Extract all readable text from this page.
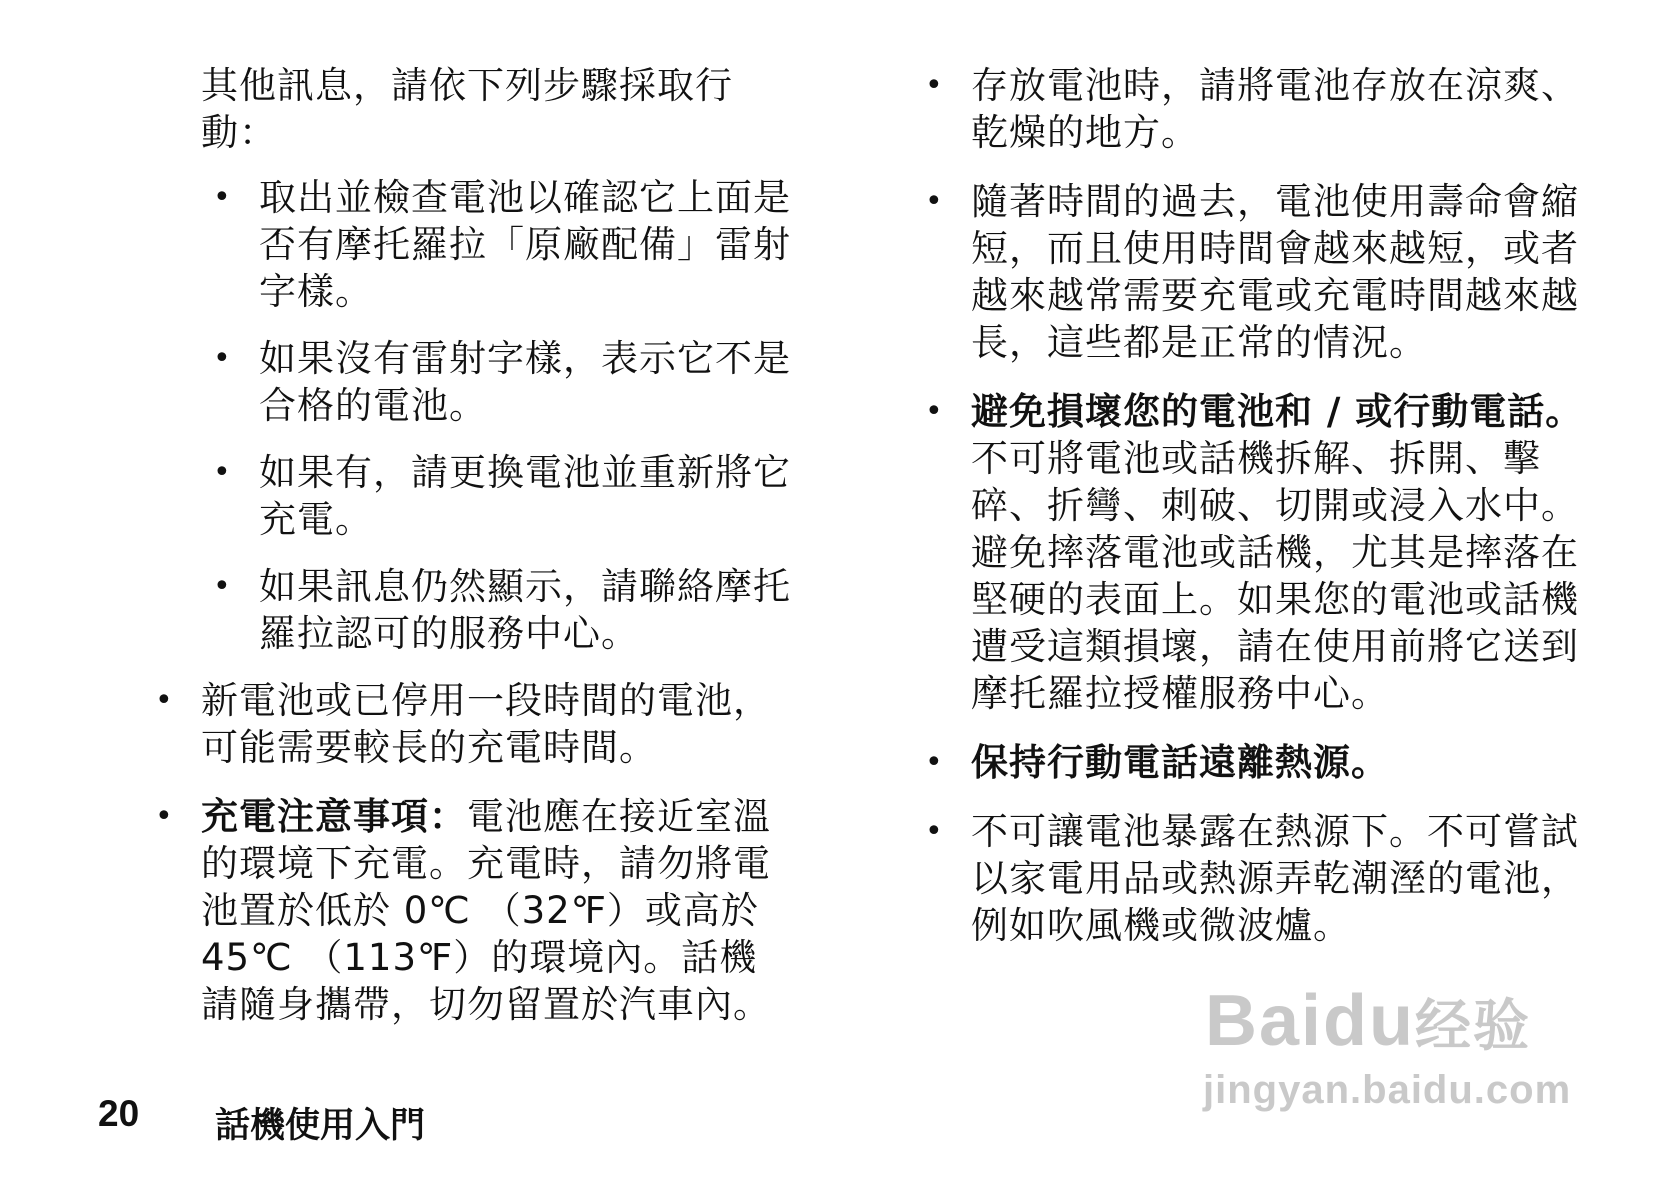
其他訊息，請依下列步驟採取行動：

• 取出並檢查電池以確認它上面是否有摩托羅拉「原廠配備」雷射字樣。

• 如果沒有雷射字樣，表示它不是合格的電池。

• 如果有，請更換電池並重新將它充電。

• 如果訊息仍然顯示，請聯絡摩托羅拉認可的服務中心。

• 新電池或已停用一段時間的電池，可能需要較長的充電時間。

• 充電注意事項：電池應在接近室溫的環境下充電。充電時，請勿將電池置於低於 0℃ （32℉）或高於 45℃ （113℉）的環境內。話機請隨身攜帶，切勿留置於汽車內。

• 存放電池時，請將電池存放在涼爽、乾燥的地方。

• 隨著時間的過去，電池使用壽命會縮短，而且使用時間會越來越短，或者越來越常需要充電或充電時間越來越長，這些都是正常的情況。

• 避免損壞您的電池和 / 或行動電話。不可將電池或話機拆解、拆開、擊碎、折彎、刺破、切開或浸入水中。避免摔落電池或話機，尤其是摔落在堅硬的表面上。如果您的電池或話機遭受這類損壞，請在使用前將它送到摩托羅拉授權服務中心。

• 保持行動電話遠離熱源。

• 不可讓電池暴露在熱源下。不可嘗試以家電用品或熱源弄乾潮溼的電池，例如吹風機或微波爐。

20 話機使用入門
Baidu经验
jingyan.baidu.com
